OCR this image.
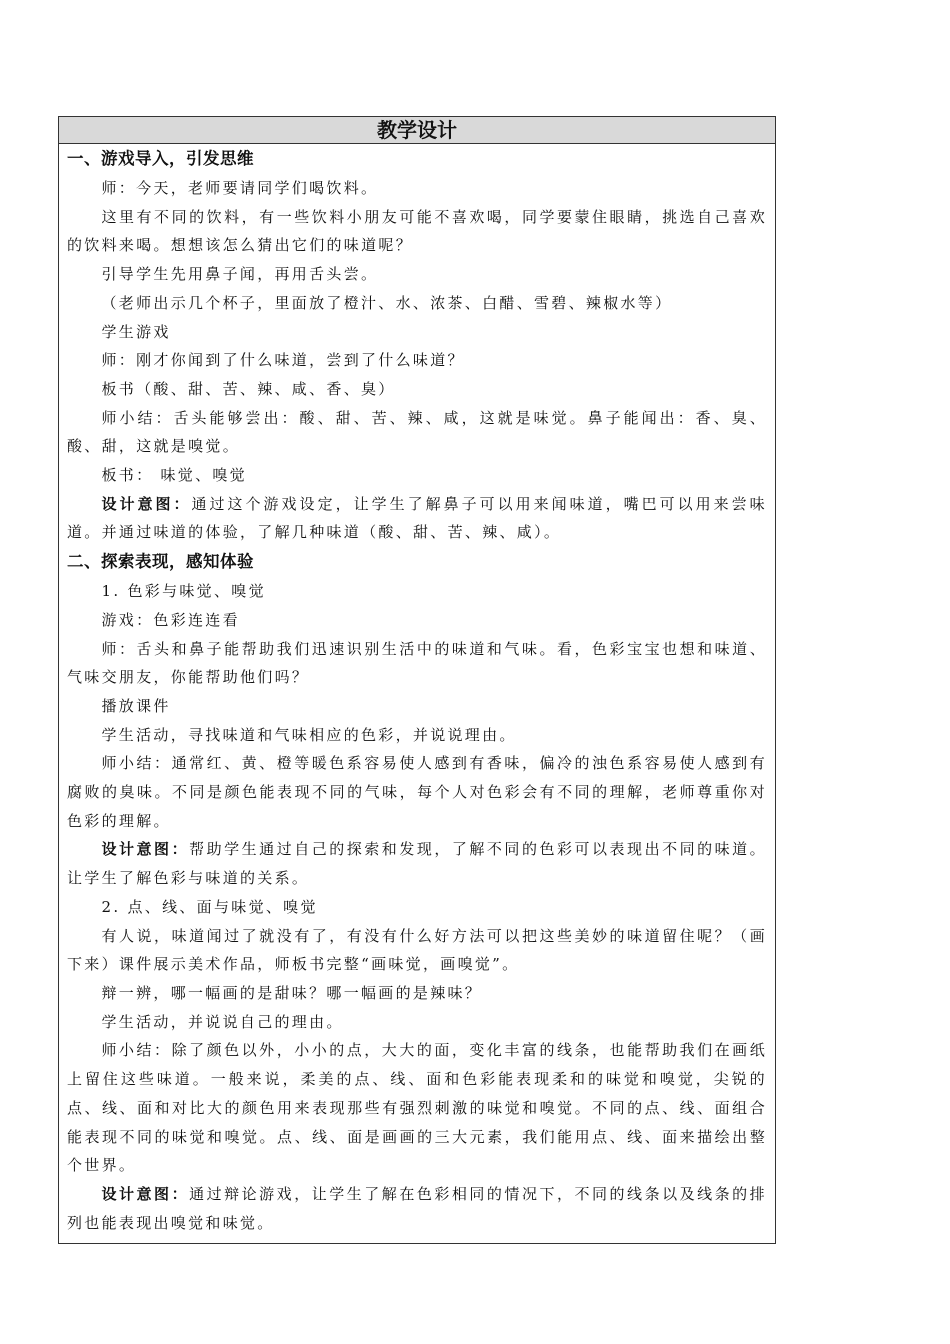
教学设计
一、游戏导入，引发思维

师：今天，老师要请同学们喝饮料。

这里有不同的饮料，有一些饮料小朋友可能不喜欢喝，同学要蒙住眼睛，挑选自己喜欢的饮料来喝。想想该怎么猜出它们的味道呢？

引导学生先用鼻子闻，再用舌头尝。

（老师出示几个杯子，里面放了橙汁、水、浓茶、白醋、雪碧、辣椒水等）

学生游戏

师：刚才你闻到了什么味道，尝到了什么味道？

板书（酸、甜、苦、辣、咸、香、臭）

师小结：舌头能够尝出：酸、甜、苦、辣、咸，这就是味觉。鼻子能闻出：香、臭、酸、甜，这就是嗅觉。

板书： 味觉、嗅觉

设计意图：通过这个游戏设定，让学生了解鼻子可以用来闻味道，嘴巴可以用来尝味道。并通过味道的体验，了解几种味道（酸、甜、苦、辣、咸）。

二、探索表现，感知体验

1. 色彩与味觉、嗅觉

游戏：色彩连连看

师：舌头和鼻子能帮助我们迅速识别生活中的味道和气味。看，色彩宝宝也想和味道、气味交朋友，你能帮助他们吗？

播放课件

学生活动，寻找味道和气味相应的色彩，并说说理由。

师小结：通常红、黄、橙等暖色系容易使人感到有香味，偏冷的浊色系容易使人感到有腐败的臭味。不同是颜色能表现不同的气味，每个人对色彩会有不同的理解，老师尊重你对色彩的理解。

设计意图：帮助学生通过自己的探索和发现，了解不同的色彩可以表现出不同的味道。让学生了解色彩与味道的关系。

2. 点、线、面与味觉、嗅觉

有人说，味道闻过了就没有了，有没有什么好方法可以把这些美妙的味道留住呢？（画下来）课件展示美术作品，师板书完整“画味觉，画嗅觉”。

辩一辨，哪一幅画的是甜味？哪一幅画的是辣味？

学生活动，并说说自己的理由。

师小结：除了颜色以外，小小的点，大大的面，变化丰富的线条，也能帮助我们在画纸上留住这些味道。一般来说，柔美的点、线、面和色彩能表现柔和的味觉和嗅觉，尖锐的点、线、面和对比大的颜色用来表现那些有强烈刺激的味觉和嗅觉。不同的点、线、面组合能表现不同的味觉和嗅觉。点、线、面是画画的三大元素，我们能用点、线、面来描绘出整个世界。

设计意图：通过辩论游戏，让学生了解在色彩相同的情况下，不同的线条以及线条的排列也能表现出嗅觉和味觉。
